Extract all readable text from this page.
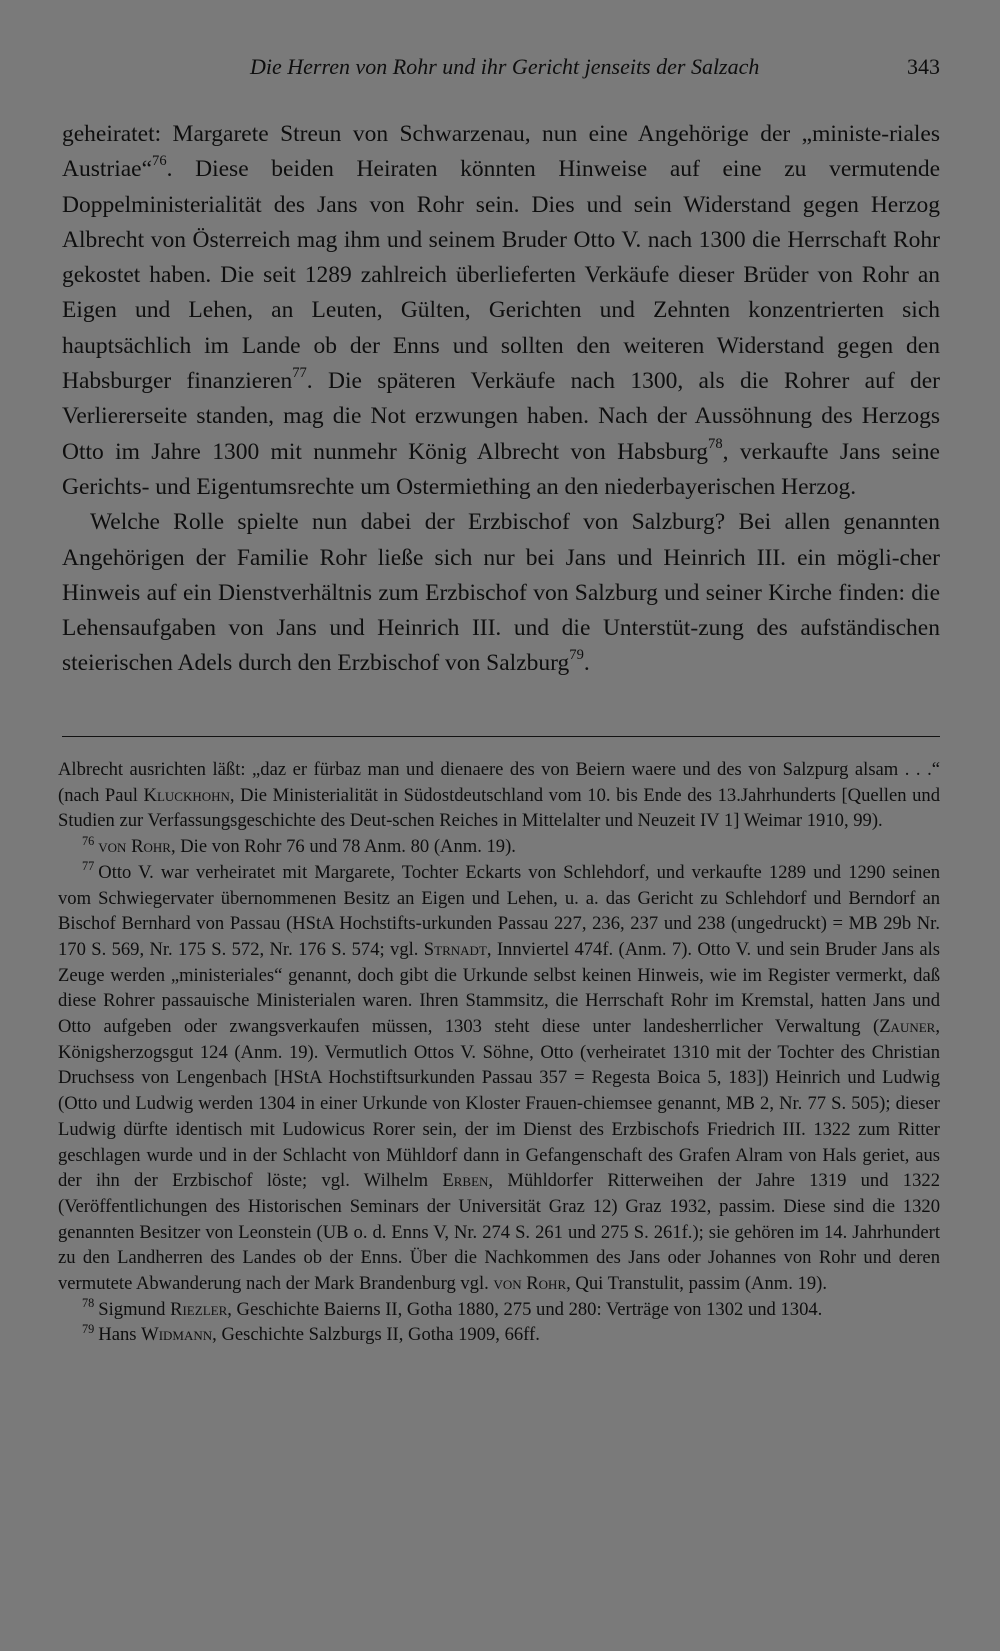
Die Herren von Rohr und ihr Gericht jenseits der Salzach	343

geheiratet: Margarete Streun von Schwarzenau, nun eine Angehörige der „ministe-riales Austriae“$^{76}$. Diese beiden Heiraten könnten Hinweise auf eine zu vermutende Doppelministerialität des Jans von Rohr sein. Dies und sein Widerstand gegen Herzog Albrecht von Österreich mag ihm und seinem Bruder Otto V. nach 1300 die Herrschaft Rohr gekostet haben. Die seit 1289 zahlreich überlieferten Verkäufe dieser Brüder von Rohr an Eigen und Lehen, an Leuten, Gülten, Gerichten und Zehnten konzentrierten sich hauptsächlich im Lande ob der Enns und sollten den weiteren Widerstand gegen den Habsburger finanzieren$^{77}$. Die späteren Verkäufe nach 1300, als die Rohrer auf der Verliererseite standen, mag die Not erzwungen haben. Nach der Aussöhnung des Herzogs Otto im Jahre 1300 mit nunmehr König Albrecht von Habsburg$^{78}$, verkaufte Jans seine Gerichts- und Eigentumsrechte um Ostermiething an den niederbayerischen Herzog.

Welche Rolle spielte nun dabei der Erzbischof von Salzburg? Bei allen genannten Angehörigen der Familie Rohr ließe sich nur bei Jans und Heinrich III. ein mögli-cher Hinweis auf ein Dienstverhältnis zum Erzbischof von Salzburg und seiner Kirche finden: die Lehensaufgaben von Jans und Heinrich III. und die Unterstüt-zung des aufständischen steierischen Adels durch den Erzbischof von Salzburg$^{79}$.

Albrecht ausrichten läßt: „daz er fürbaz man und dienaere des von Beiern waere und des von Salzpurg alsam . . .“ (nach Paul Kluckhohn, Die Ministerialität in Südostdeutschland vom 10. bis Ende des 13.Jahrhunderts [Quellen und Studien zur Verfassungsgeschichte des Deut-schen Reiches in Mittelalter und Neuzeit IV 1] Weimar 1910, 99).

$^{76}$ von Rohr, Die von Rohr 76 und 78 Anm. 80 (Anm. 19).

$^{77}$ Otto V. war verheiratet mit Margarete, Tochter Eckarts von Schlehdorf, und verkaufte 1289 und 1290 seinen vom Schwiegervater übernommenen Besitz an Eigen und Lehen, u. a. das Gericht zu Schlehdorf und Berndorf an Bischof Bernhard von Passau (HStA Hochstifts-urkunden Passau 227, 236, 237 und 238 (ungedruckt) = MB 29b Nr. 170 S. 569, Nr. 175 S. 572, Nr. 176 S. 574; vgl. Strnadt, Innviertel 474f. (Anm. 7). Otto V. und sein Bruder Jans als Zeuge werden „ministeriales“ genannt, doch gibt die Urkunde selbst keinen Hinweis, wie im Register vermerkt, daß diese Rohrer passauische Ministerialen waren. Ihren Stammsitz, die Herrschaft Rohr im Kremstal, hatten Jans und Otto aufgeben oder zwangsverkaufen müssen, 1303 steht diese unter landesherrlicher Verwaltung (Zauner, Königsherzogsgut 124 (Anm. 19). Vermutlich Ottos V. Söhne, Otto (verheiratet 1310 mit der Tochter des Christian Druchsess von Lengenbach [HStA Hochstiftsurkunden Passau 357 = Regesta Boica 5, 183]) Heinrich und Ludwig (Otto und Ludwig werden 1304 in einer Urkunde von Kloster Frauen-chiemsee genannt, MB 2, Nr. 77 S. 505); dieser Ludwig dürfte identisch mit Ludowicus Rorer sein, der im Dienst des Erzbischofs Friedrich III. 1322 zum Ritter geschlagen wurde und in der Schlacht von Mühldorf dann in Gefangenschaft des Grafen Alram von Hals geriet, aus der ihn der Erzbischof löste; vgl. Wilhelm Erben, Mühldorfer Ritterweihen der Jahre 1319 und 1322 (Veröffentlichungen des Historischen Seminars der Universität Graz 12) Graz 1932, passim. Diese sind die 1320 genannten Besitzer von Leonstein (UB o. d. Enns V, Nr. 274 S. 261 und 275 S. 261f.); sie gehören im 14. Jahrhundert zu den Landherren des Landes ob der Enns. Über die Nachkommen des Jans oder Johannes von Rohr und deren vermutete Abwanderung nach der Mark Brandenburg vgl. von Rohr, Qui Transtulit, passim (Anm. 19).

$^{78}$ Sigmund Riezler, Geschichte Baierns II, Gotha 1880, 275 und 280: Verträge von 1302 und 1304.

$^{79}$ Hans Widmann, Geschichte Salzburgs II, Gotha 1909, 66ff.
